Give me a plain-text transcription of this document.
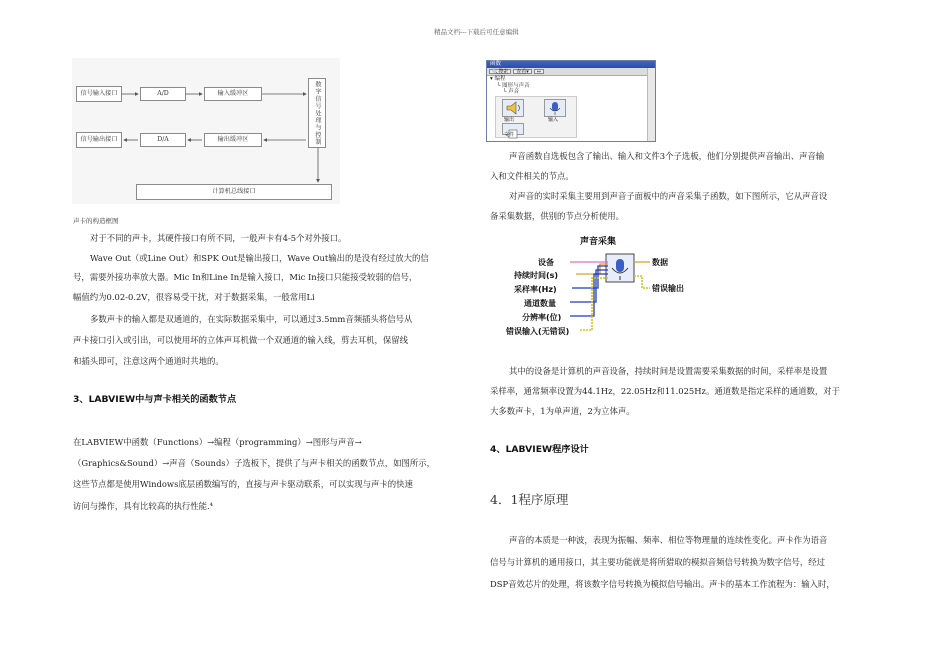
精品文档---下载后可任意编辑
信号输入接口	A/D	输入缓冲区	数字信号处理与控制
信号输出接口	D/A	输出缓冲区
计算机总线接口
声卡的构造框图
对于不同的声卡，其硬件接口有所不同，一般声卡有4-5个对外接口。
Wave Out（或Line Out）和SPK Out是输出接口，Wave Out输出的是没有经过放大的信
号，需要外接功率放大器。Mic In和Line In是输入接口，Mic In接口只能接受较弱的信号，
幅值约为0.02-0.2V，很容易受干扰，对于数据采集，一般常用Li
多数声卡的输入都是双通道的，在实际数据采集中，可以通过3.5mm音频插头将信号从
声卡接口引入或引出，可以使用坏的立体声耳机做一个双通道的输入线，剪去耳机，保留线
和插头即可，注意这两个通道时共地的。
3、LABVIEW中与声卡相关的函数节点
在LABVIEW中函数（Functions）→编程（programming）→图形与声音→
（Graphics&Sound）→声音（Sounds）子选板下，提供了与声卡相关的函数节点，如图所示，
这些节点都是使用Windows底层函数编写的，直接与声卡驱动联系，可以实现与声卡的快速
访问与操作，具有比较高的执行性能.⁴
函数
🔍搜索	查看▾	⇔
▾ 编程
└ 图形与声音
└ 声音
输出	输入
文件
声音函数自选板包含了输出、输入和文件3个子选板，他们分别提供声音输出、声音输
入和文件相关的节点。
对声音的实时采集主要用到声音子面板中的声音采集子函数，如下图所示，它从声音设
备采集数据，供别的节点分析使用。
声音采集
设备
持续时间(s)
采样率(Hz)
通道数量
分辨率(位)
错误输入(无错误)
数据
错误输出
其中的设备是计算机的声音设备，持续时间是设置需要采集数据的时间，采样率是设置
采样率，通常频率设置为44.1Hz，22.05Hz和11.025Hz。通道数是指定采样的通道数，对于
大多数声卡，1为单声道，2为立体声。
4、LABVIEW程序设计
4．1程序原理
声音的本质是一种波，表现为振幅、频率、相位等物理量的连续性变化。声卡作为语音
信号与计算机的通用接口，其主要功能就是将所猎取的模拟音频信号转换为数字信号，经过
DSP音效芯片的处理，将该数字信号转换为模拟信号输出。声卡的基本工作流程为：输入时，
